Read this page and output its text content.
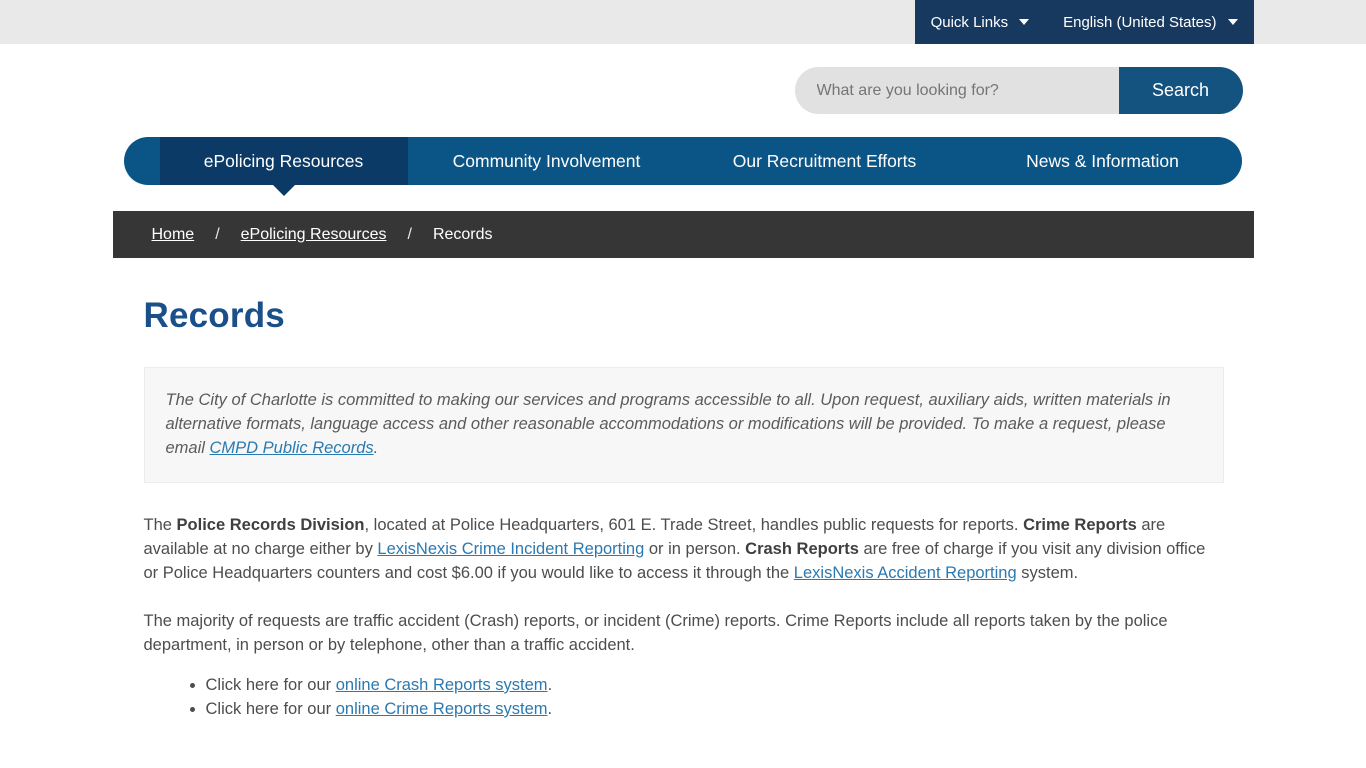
Quick Links	English (United States)
What are you looking for?
Search
ePolicing Resources	Community Involvement	Our Recruitment Efforts	News & Information
Home / ePolicing Resources / Records
Records
The City of Charlotte is committed to making our services and programs accessible to all. Upon request, auxiliary aids, written materials in alternative formats, language access and other reasonable accommodations or modifications will be provided. To make a request, please email CMPD Public Records.

The Police Records Division, located at Police Headquarters, 601 E. Trade Street, handles public requests for reports. Crime Reports are available at no charge either by LexisNexis Crime Incident Reporting or in person. Crash Reports are free of charge if you visit any division office or Police Headquarters counters and cost $6.00 if you would like to access it through the LexisNexis Accident Reporting system.

The majority of requests are traffic accident (Crash) reports, or incident (Crime) reports. Crime Reports include all reports taken by the police department, in person or by telephone, other than a traffic accident.

• Click here for our online Crash Reports system.
• Click here for our online Crime Reports system.
